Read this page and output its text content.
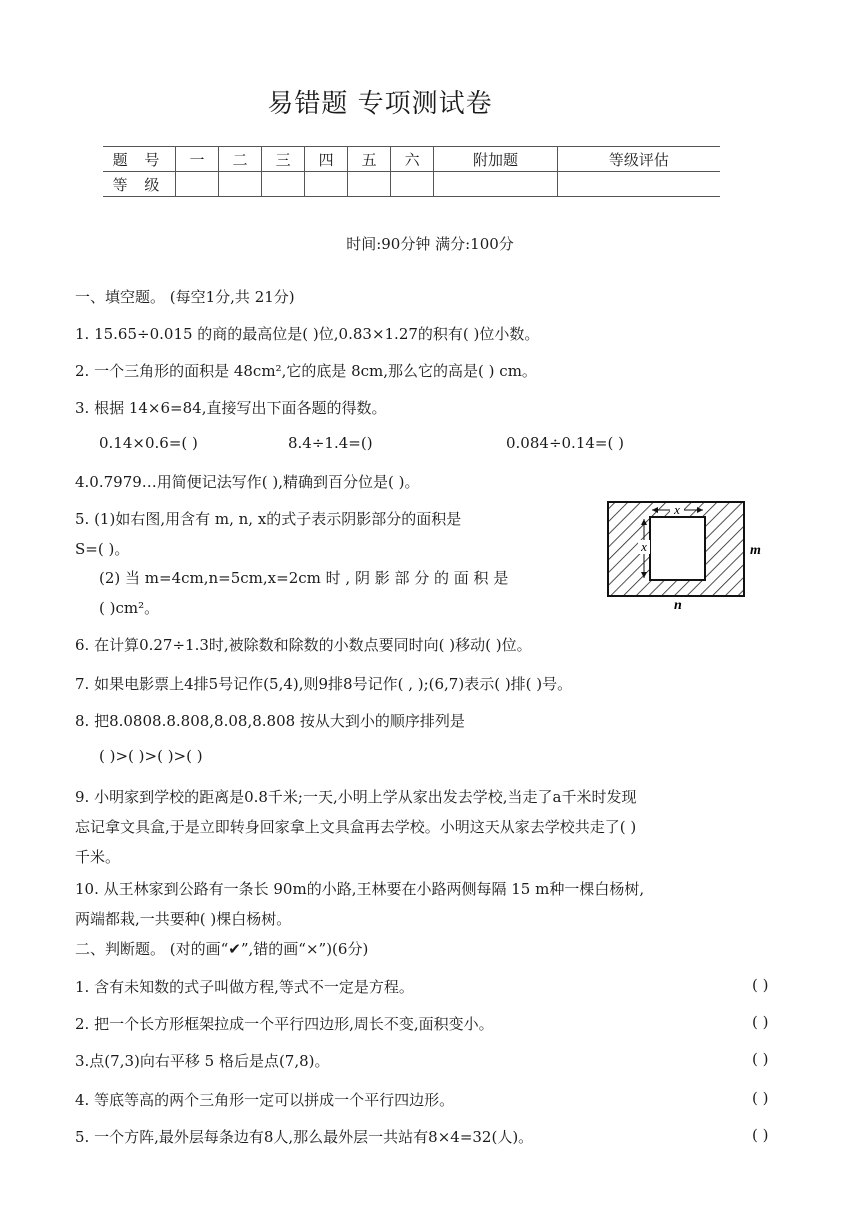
易错题 专项测试卷
题 号	一	二	三	四	五	六	附加题	等级评估
等 级								
时间:90分钟 满分:100分
一、填空题。 (每空1分,共 21分)
1. 15.65÷0.015 的商的最高位是( )位,0.83×1.27的积有( )位小数。
2. 一个三角形的面积是 48cm²,它的底是 8cm,那么它的高是( ) cm。
3. 根据 14×6=84,直接写出下面各题的得数。
0.14×0.6=( )	8.4÷1.4=()	0.084÷0.14=( )
4.0.7979…用简便记法写作( ),精确到百分位是( )。
5. (1)如右图,用含有 m, n, x的式子表示阴影部分的面积是
S=( )。
(2) 当 m=4cm,n=5cm,x=2cm 时 , 阴 影 部 分 的 面 积 是
( )cm²。
x
x	m
n
6. 在计算0.27÷1.3时,被除数和除数的小数点要同时向( )移动( )位。
7. 如果电影票上4排5号记作(5,4),则9排8号记作( , );(6,7)表示( )排( )号。
8. 把8.0808.8.808,8.08,8.808 按从大到小的顺序排列是
( )>( )>( )>( )
9. 小明家到学校的距离是0.8千米;一天,小明上学从家出发去学校,当走了a千米时发现
忘记拿文具盒,于是立即转身回家拿上文具盒再去学校。小明这天从家去学校共走了( )
千米。
10. 从王林家到公路有一条长 90m的小路,王林要在小路两侧每隔 15 m种一棵白杨树,
两端都栽,一共要种( )棵白杨树。
二、判断题。 (对的画“✔”,错的画“×”)(6分)
1. 含有未知数的式子叫做方程,等式不一定是方程。	( )
2. 把一个长方形框架拉成一个平行四边形,周长不变,面积变小。	( )
3.点(7,3)向右平移 5 格后是点(7,8)。	( )
4. 等底等高的两个三角形一定可以拼成一个平行四边形。	( )
5. 一个方阵,最外层每条边有8人,那么最外层一共站有8×4=32(人)。	( )
